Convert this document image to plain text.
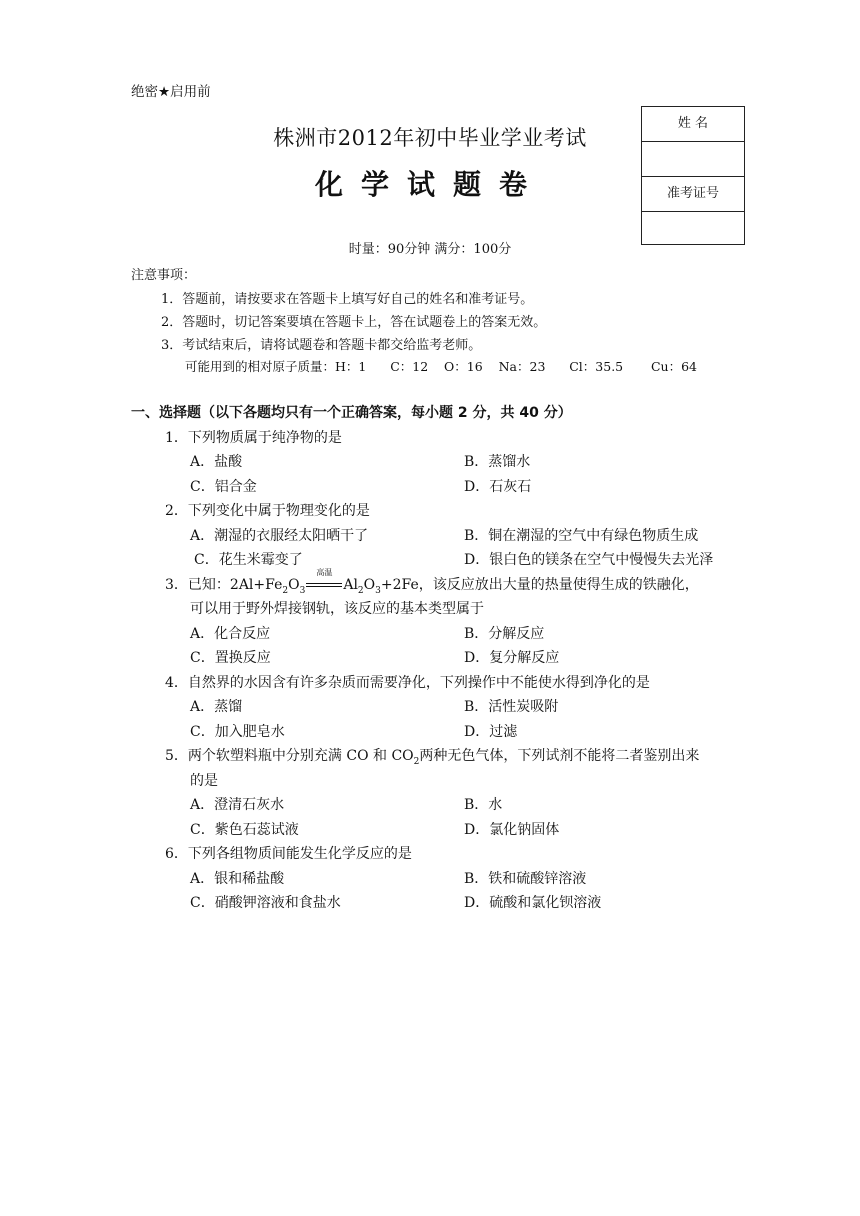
绝密★启用前
株洲市2012年初中毕业学业考试
化学试题卷
姓 名
准考证号
时量：90分钟 满分：100分
注意事项：
1．答题前，请按要求在答题卡上填写好自己的姓名和准考证号。
2．答题时，切记答案要填在答题卡上，答在试题卷上的答案无效。
3．考试结束后，请将试题卷和答题卡都交给监考老师。
可能用到的相对原子质量：H：1      C：12    O：16    Na：23      Cl：35.5       Cu：64
一、选择题（以下各题均只有一个正确答案，每小题 2 分，共 40 分）
1．下列物质属于纯净物的是
A．盐酸	B．蒸馏水
C．铝合金	D．石灰石
2．下列变化中属于物理变化的是
A．潮湿的衣服经太阳晒干了	B．铜在潮湿的空气中有绿色物质生成
C．花生米霉变了	D．银白色的镁条在空气中慢慢失去光泽
3．已知：$2Al+Fe_2O_3$
高温
$Al_2O_3+2Fe$，该反应放出大量的热量使得生成的铁融化，
可以用于野外焊接钢轨，该反应的基本类型属于
A．化合反应	B．分解反应
C．置换反应	D．复分解反应
4．自然界的水因含有许多杂质而需要净化，下列操作中不能使水得到净化的是
A．蒸馏	B．活性炭吸附
C．加入肥皂水	D．过滤
5．两个软塑料瓶中分别充满 CO 和 $CO_2$两种无色气体，下列试剂不能将二者鉴别出来
的是
A．澄清石灰水	B．水
C．紫色石蕊试液	D．氯化钠固体
6．下列各组物质间能发生化学反应的是
A．银和稀盐酸	B．铁和硫酸锌溶液
C．硝酸钾溶液和食盐水	D．硫酸和氯化钡溶液
